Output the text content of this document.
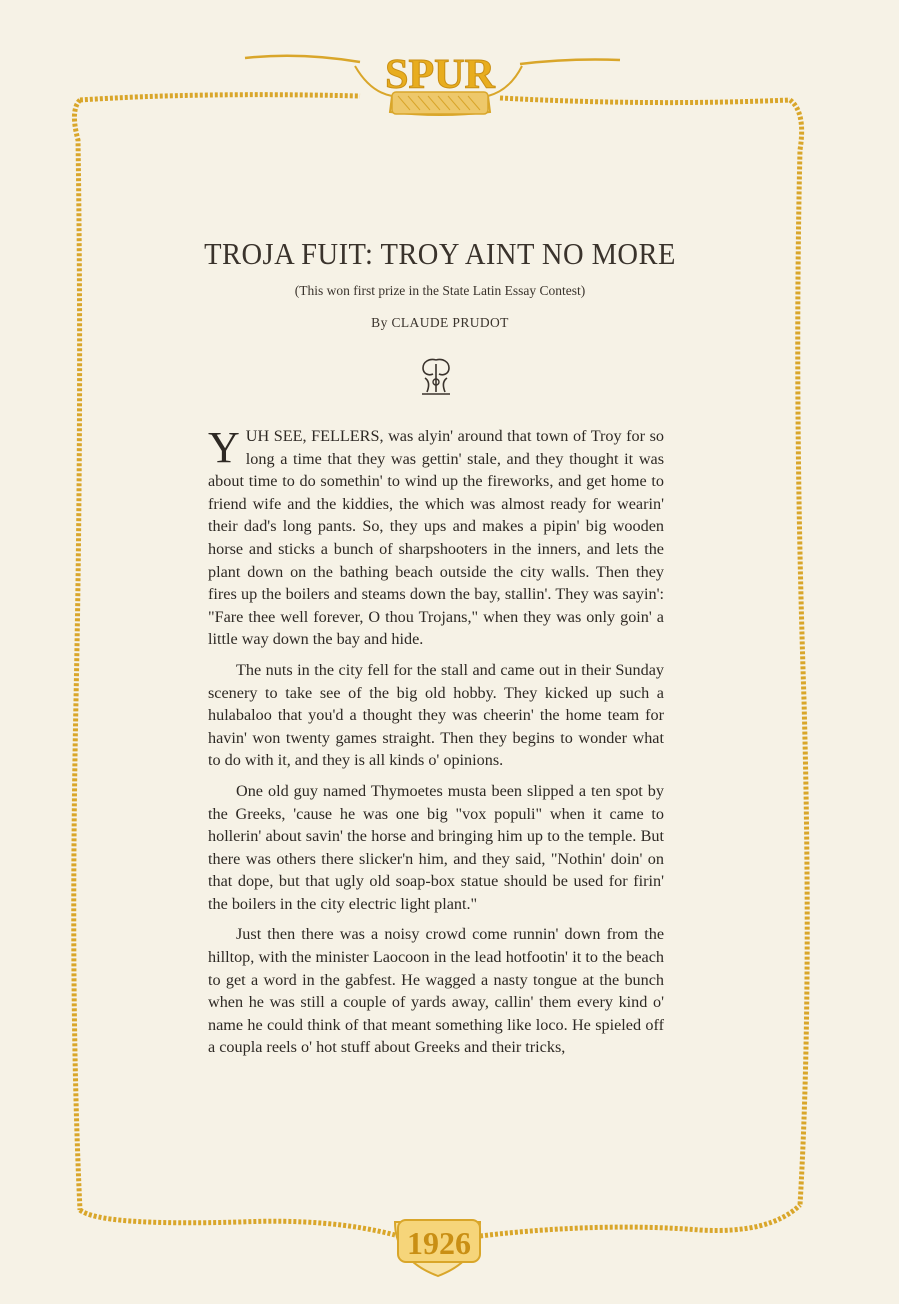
SPUR
1926
TROJA FUIT: TROY AINT NO MORE
(This won first prize in the State Latin Essay Contest)
By CLAUDE PRUDOT

YUH SEE, FELLERS, was alyin' around that town of Troy for so long a time that they was gettin' stale, and they thought it was about time to do somethin' to wind up the fireworks, and get home to friend wife and the kiddies, the which was almost ready for wearin' their dad's long pants. So, they ups and makes a pipin' big wooden horse and sticks a bunch of sharpshooters in the inners, and lets the plant down on the bathing beach outside the city walls. Then they fires up the boilers and steams down the bay, stallin'. They was sayin': "Fare thee well forever, O thou Trojans," when they was only goin' a little way down the bay and hide.

The nuts in the city fell for the stall and came out in their Sunday scenery to take see of the big old hobby. They kicked up such a hulabaloo that you'd a thought they was cheerin' the home team for havin' won twenty games straight. Then they begins to wonder what to do with it, and they is all kinds o' opinions.

One old guy named Thymoetes musta been slipped a ten spot by the Greeks, 'cause he was one big "vox populi" when it came to hollerin' about savin' the horse and bringing him up to the temple. But there was others there slicker'n him, and they said, "Nothin' doin' on that dope, but that ugly old soap-box statue should be used for firin' the boilers in the city electric light plant."

Just then there was a noisy crowd come runnin' down from the hilltop, with the minister Laocoon in the lead hotfootin' it to the beach to get a word in the gabfest. He wagged a nasty tongue at the bunch when he was still a couple of yards away, callin' them every kind o' name he could think of that meant something like loco. He spieled off a coupla reels o' hot stuff about Greeks and their tricks,
